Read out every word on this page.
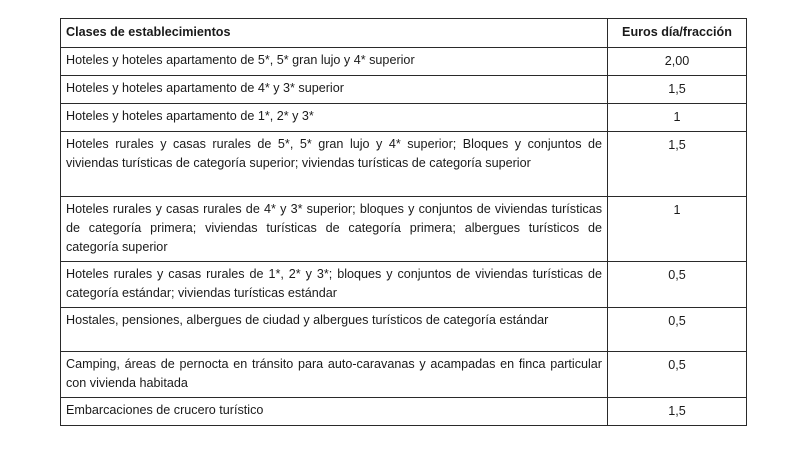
Clases de establecimientos	Euros día/fracción
Hoteles y hoteles apartamento de 5*, 5* gran lujo y 4* superior	2,00
Hoteles y hoteles apartamento de 4* y 3* superior	1,5
Hoteles y hoteles apartamento de 1*, 2* y 3*	1
Hoteles rurales y casas rurales de 5*, 5* gran lujo y 4* superior; Bloques y conjuntos de viviendas turísticas de categoría superior; viviendas turísticas de categoría superior	1,5
Hoteles rurales y casas rurales de 4* y 3* superior; bloques y conjuntos de viviendas turísticas de categoría primera; viviendas turísticas de categoría primera; albergues turísticos de categoría superior	1
Hoteles rurales y casas rurales de 1*, 2* y 3*; bloques y conjuntos de viviendas turísticas de categoría estándar; viviendas turísticas estándar	0,5
Hostales, pensiones, albergues de ciudad y albergues turísticos de categoría estándar	0,5
Camping, áreas de pernocta en tránsito para auto-caravanas y acampadas en finca particular con vivienda habitada	0,5
Embarcaciones de crucero turístico	1,5
